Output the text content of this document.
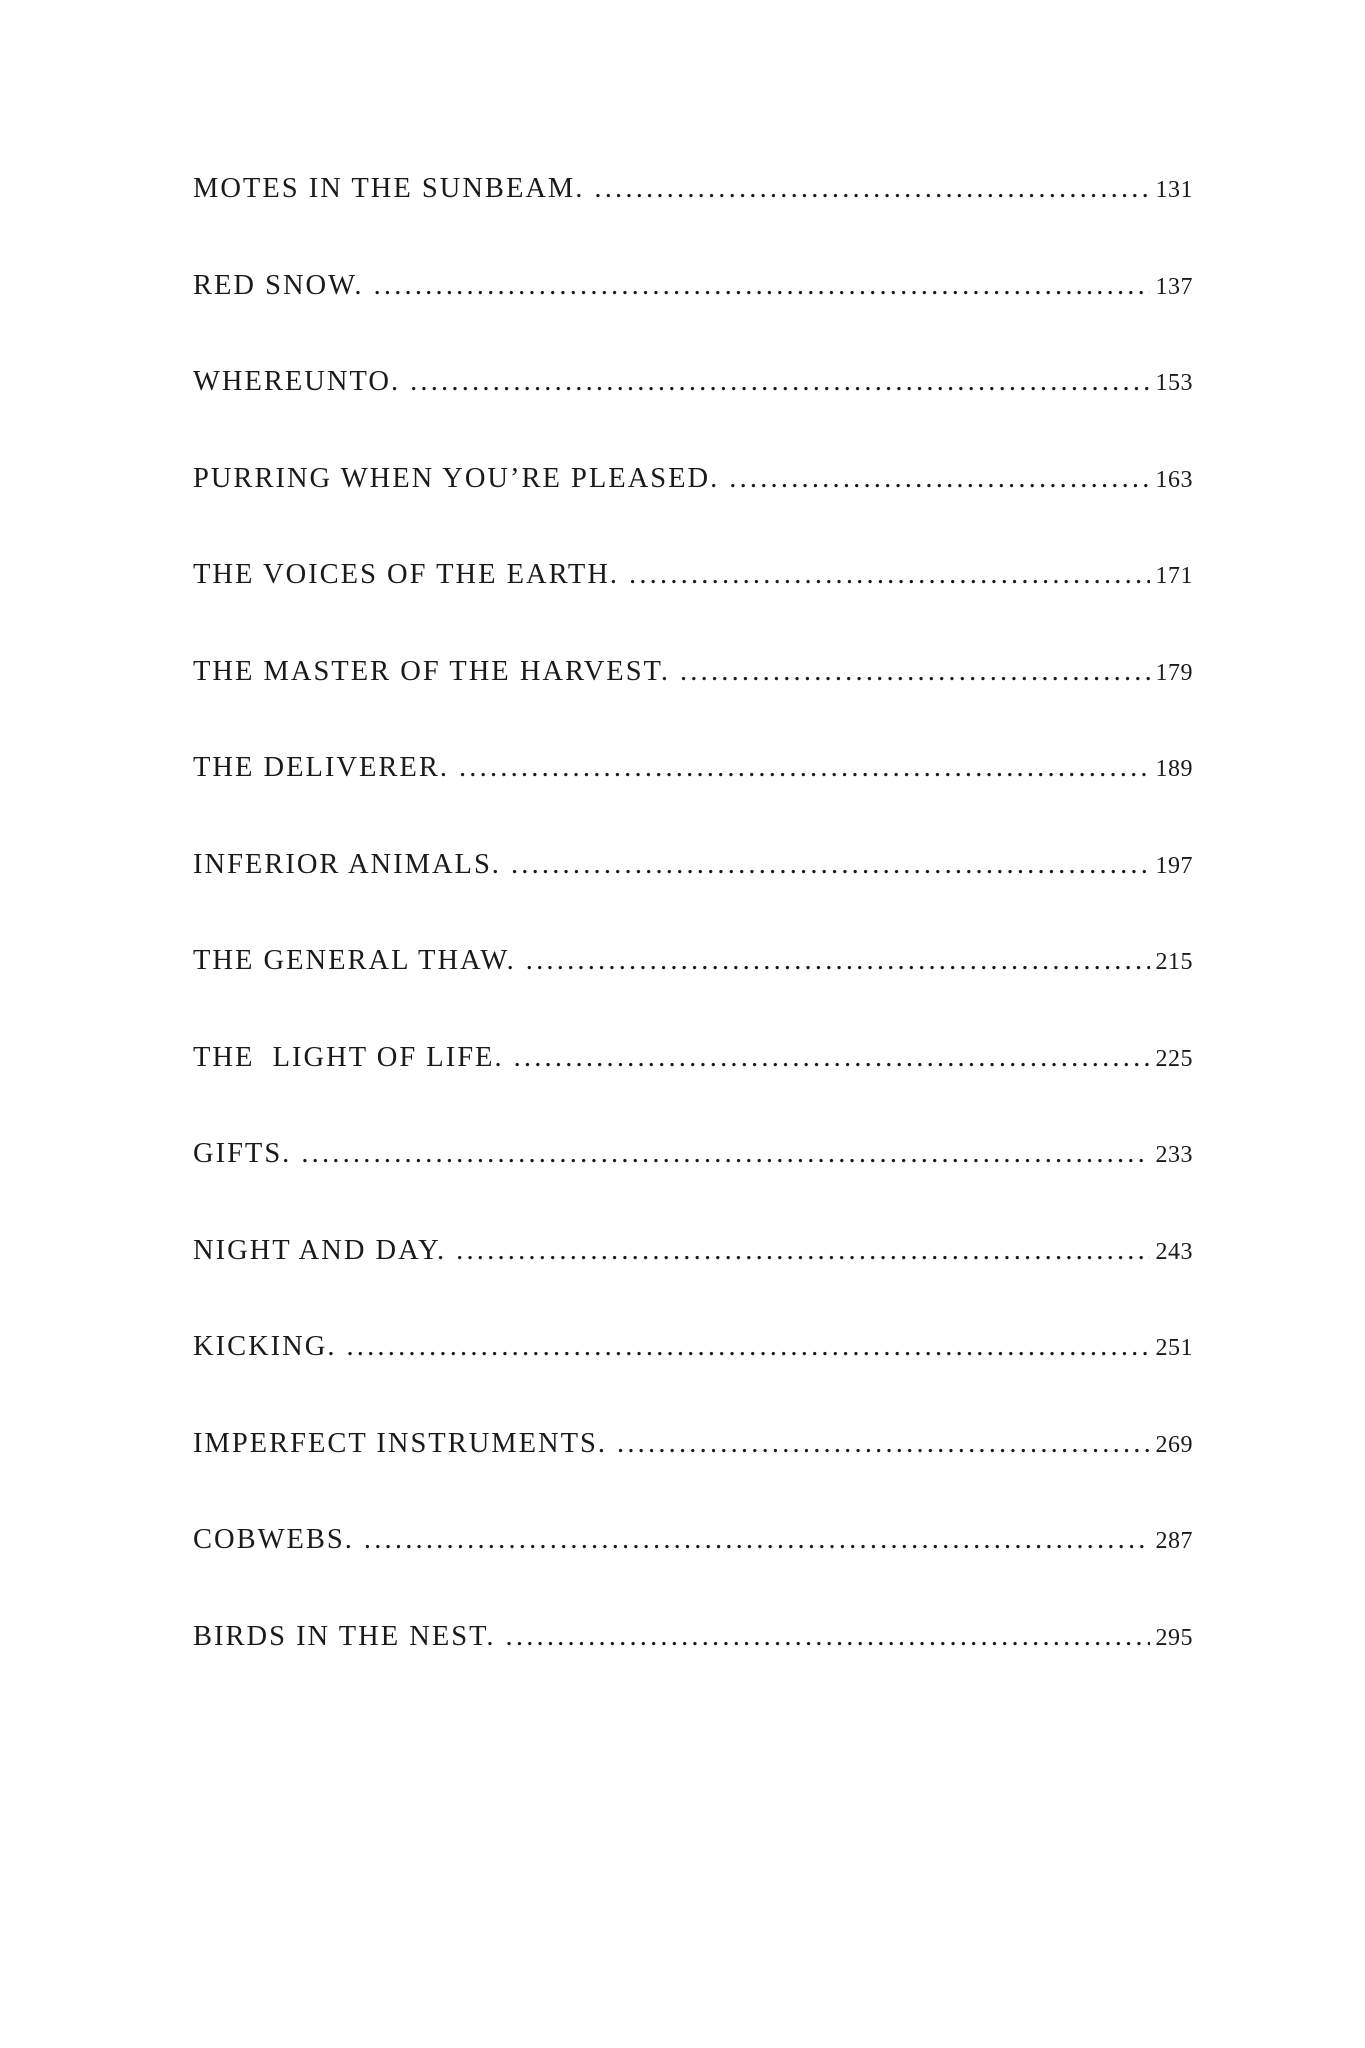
MOTES IN THE SUNBEAM. .....	131
RED SNOW. .....	137
WHEREUNTO. .....	153
PURRING WHEN YOU’RE PLEASED. .....	163
THE VOICES OF THE EARTH. .....	171
THE MASTER OF THE HARVEST. .....	179
THE DELIVERER. .....	189
INFERIOR ANIMALS. .....	197
THE GENERAL THAW. .....	215
THE  LIGHT OF LIFE. .....	225
GIFTS. .....	233
NIGHT AND DAY. .....	243
KICKING. .....	251
IMPERFECT INSTRUMENTS. .....	269
COBWEBS. .....	287
BIRDS IN THE NEST. .....	295
